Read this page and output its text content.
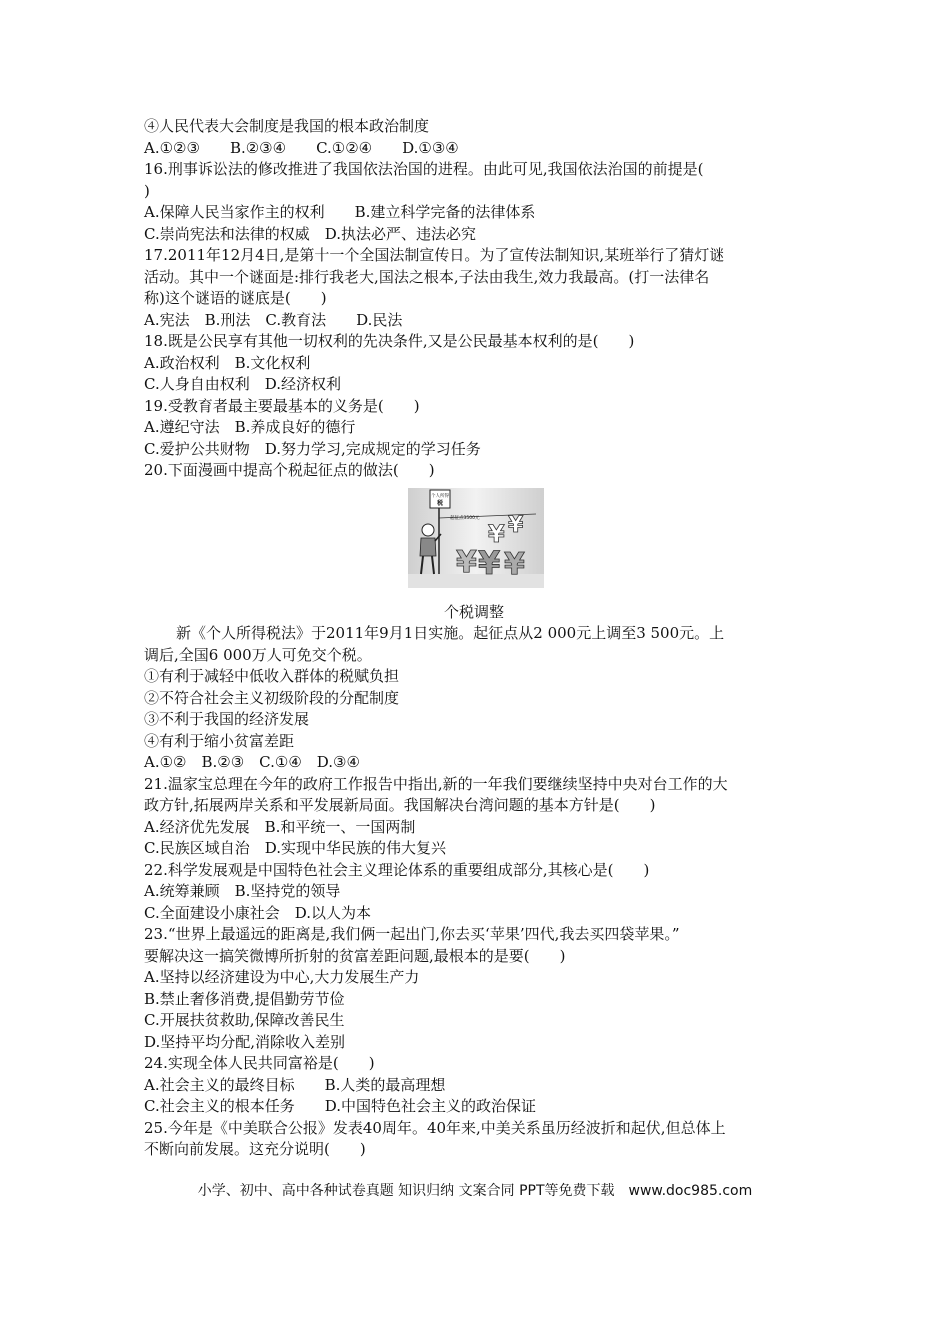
④人民代表大会制度是我国的根本政治制度
A.①②③　　B.②③④　　C.①②④　　D.①③④
16.刑事诉讼法的修改推进了我国依法治国的进程。由此可见,我国依法治国的前提是(
)
A.保障人民当家作主的权利　　B.建立科学完备的法律体系
C.崇尚宪法和法律的权威　D.执法必严、违法必究
17.2011年12月4日,是第十一个全国法制宣传日。为了宣传法制知识,某班举行了猜灯谜
活动。其中一个谜面是:排行我老大,国法之根本,子法由我生,效力我最高。(打一法律名
称)这个谜语的谜底是(　　)
A.宪法　B.刑法　C.教育法　　D.民法
18.既是公民享有其他一切权利的先决条件,又是公民最基本权利的是(　　)
A.政治权利　B.文化权利
C.人身自由权利　D.经济权利
19.受教育者最主要最基本的义务是(　　)
A.遵纪守法　B.养成良好的德行
C.爱护公共财物　D.努力学习,完成规定的学习任务
20.下面漫画中提高个税起征点的做法(　　)
个人所得
税
起征点3500元 ¥
¥
¥ ¥ ¥
个税调整
新《个人所得税法》于2011年9月1日实施。起征点从2 000元上调至3 500元。上
调后,全国6 000万人可免交个税。
①有利于减轻中低收入群体的税赋负担
②不符合社会主义初级阶段的分配制度
③不利于我国的经济发展
④有利于缩小贫富差距
A.①②　B.②③　C.①④　D.③④
21.温家宝总理在今年的政府工作报告中指出,新的一年我们要继续坚持中央对台工作的大
政方针,拓展两岸关系和平发展新局面。我国解决台湾问题的基本方针是(　　)
A.经济优先发展　B.和平统一、一国两制
C.民族区域自治　D.实现中华民族的伟大复兴
22.科学发展观是中国特色社会主义理论体系的重要组成部分,其核心是(　　)
A.统筹兼顾　B.坚持党的领导
C.全面建设小康社会　D.以人为本
23.“世界上最遥远的距离是,我们俩一起出门,你去买‘苹果’四代,我去买四袋苹果。”
要解决这一搞笑微博所折射的贫富差距问题,最根本的是要(　　)
A.坚持以经济建设为中心,大力发展生产力
B.禁止奢侈消费,提倡勤劳节俭
C.开展扶贫救助,保障改善民生
D.坚持平均分配,消除收入差别
24.实现全体人民共同富裕是(　　)
A.社会主义的最终目标　　B.人类的最高理想
C.社会主义的根本任务　　D.中国特色社会主义的政治保证
25.今年是《中美联合公报》发表40周年。40年来,中美关系虽历经波折和起伏,但总体上
不断向前发展。这充分说明(　　)
小学、初中、高中各种试卷真题 知识归纳 文案合同 PPT等免费下载　www.doc985.com
